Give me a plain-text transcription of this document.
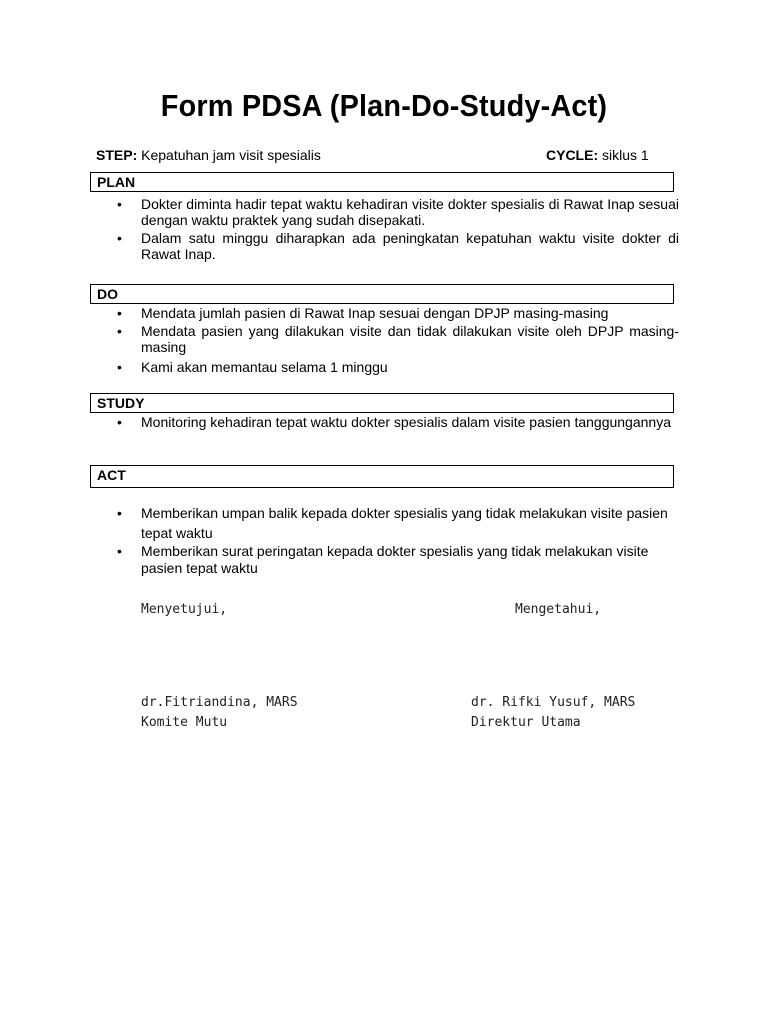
Form PDSA (Plan-Do-Study-Act)
STEP: Kepatuhan jam visit spesialis	CYCLE: siklus 1
PLAN
• Dokter diminta hadir tepat waktu kehadiran visite dokter spesialis di Rawat Inap sesuai dengan waktu praktek yang sudah disepakati.
• Dalam satu minggu diharapkan ada peningkatan kepatuhan waktu visite dokter di Rawat Inap.
DO
• Mendata jumlah pasien di Rawat Inap sesuai dengan DPJP masing-masing
• Mendata pasien yang dilakukan visite dan tidak dilakukan visite oleh DPJP masing-masing
• Kami akan memantau selama 1 minggu
STUDY
• Monitoring kehadiran tepat waktu dokter spesialis dalam visite pasien tanggungannya
ACT
• Memberikan umpan balik kepada dokter spesialis yang tidak melakukan visite pasien tepat waktu
• Memberikan surat peringatan kepada dokter spesialis yang tidak melakukan visite pasien tepat waktu
Menyetujui,	Mengetahui,
dr.Fitriandina, MARS
Komite Mutu
dr. Rifki Yusuf, MARS
Direktur Utama
